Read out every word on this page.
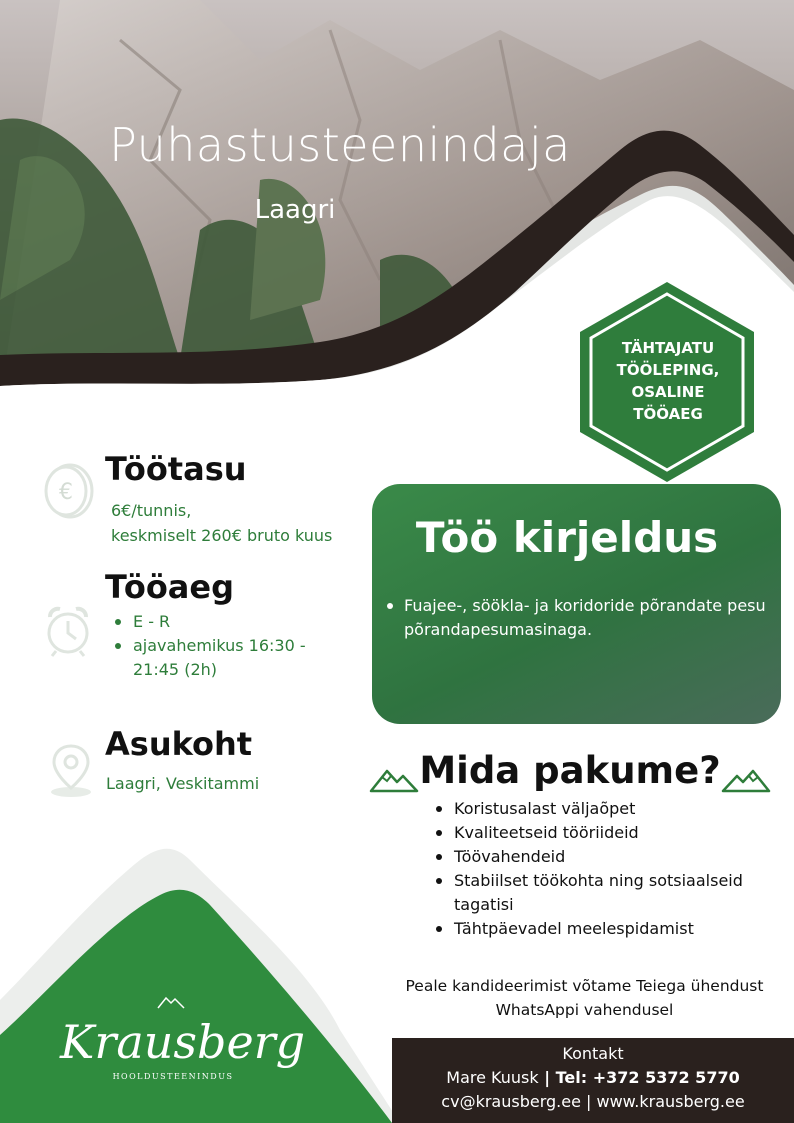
Puhastusteenindaja
Laagri
TÄHTAJATU
TÖÖLEPING,
OSALINE
TÖÖAEG
€
Töötasu
6€/tunnis,
keskmiselt 260€ bruto kuus
Tööaeg
E - R
ajavahemikus 16:30 - 21:45 (2h)
Asukoht
Laagri, Veskitammi
Töö kirjeldus
Fuajee-, söökla- ja koridoride põrandate pesu põrandapesumasinaga.
Mida pakume?
Koristusalast väljaõpet
Kvaliteetseid tööriideid
Töövahendeid
Stabiilset töökohta ning sotsiaalseid tagatisi
Tähtpäevadel meelespidamist
Peale kandideerimist võtame Teiega ühendust WhatsAppi vahendusel
Krausberg
HOOLDUSTEENINDUS
Kontakt
Mare Kuusk | Tel: +372 5372 5770
cv@krausberg.ee | www.krausberg.ee
